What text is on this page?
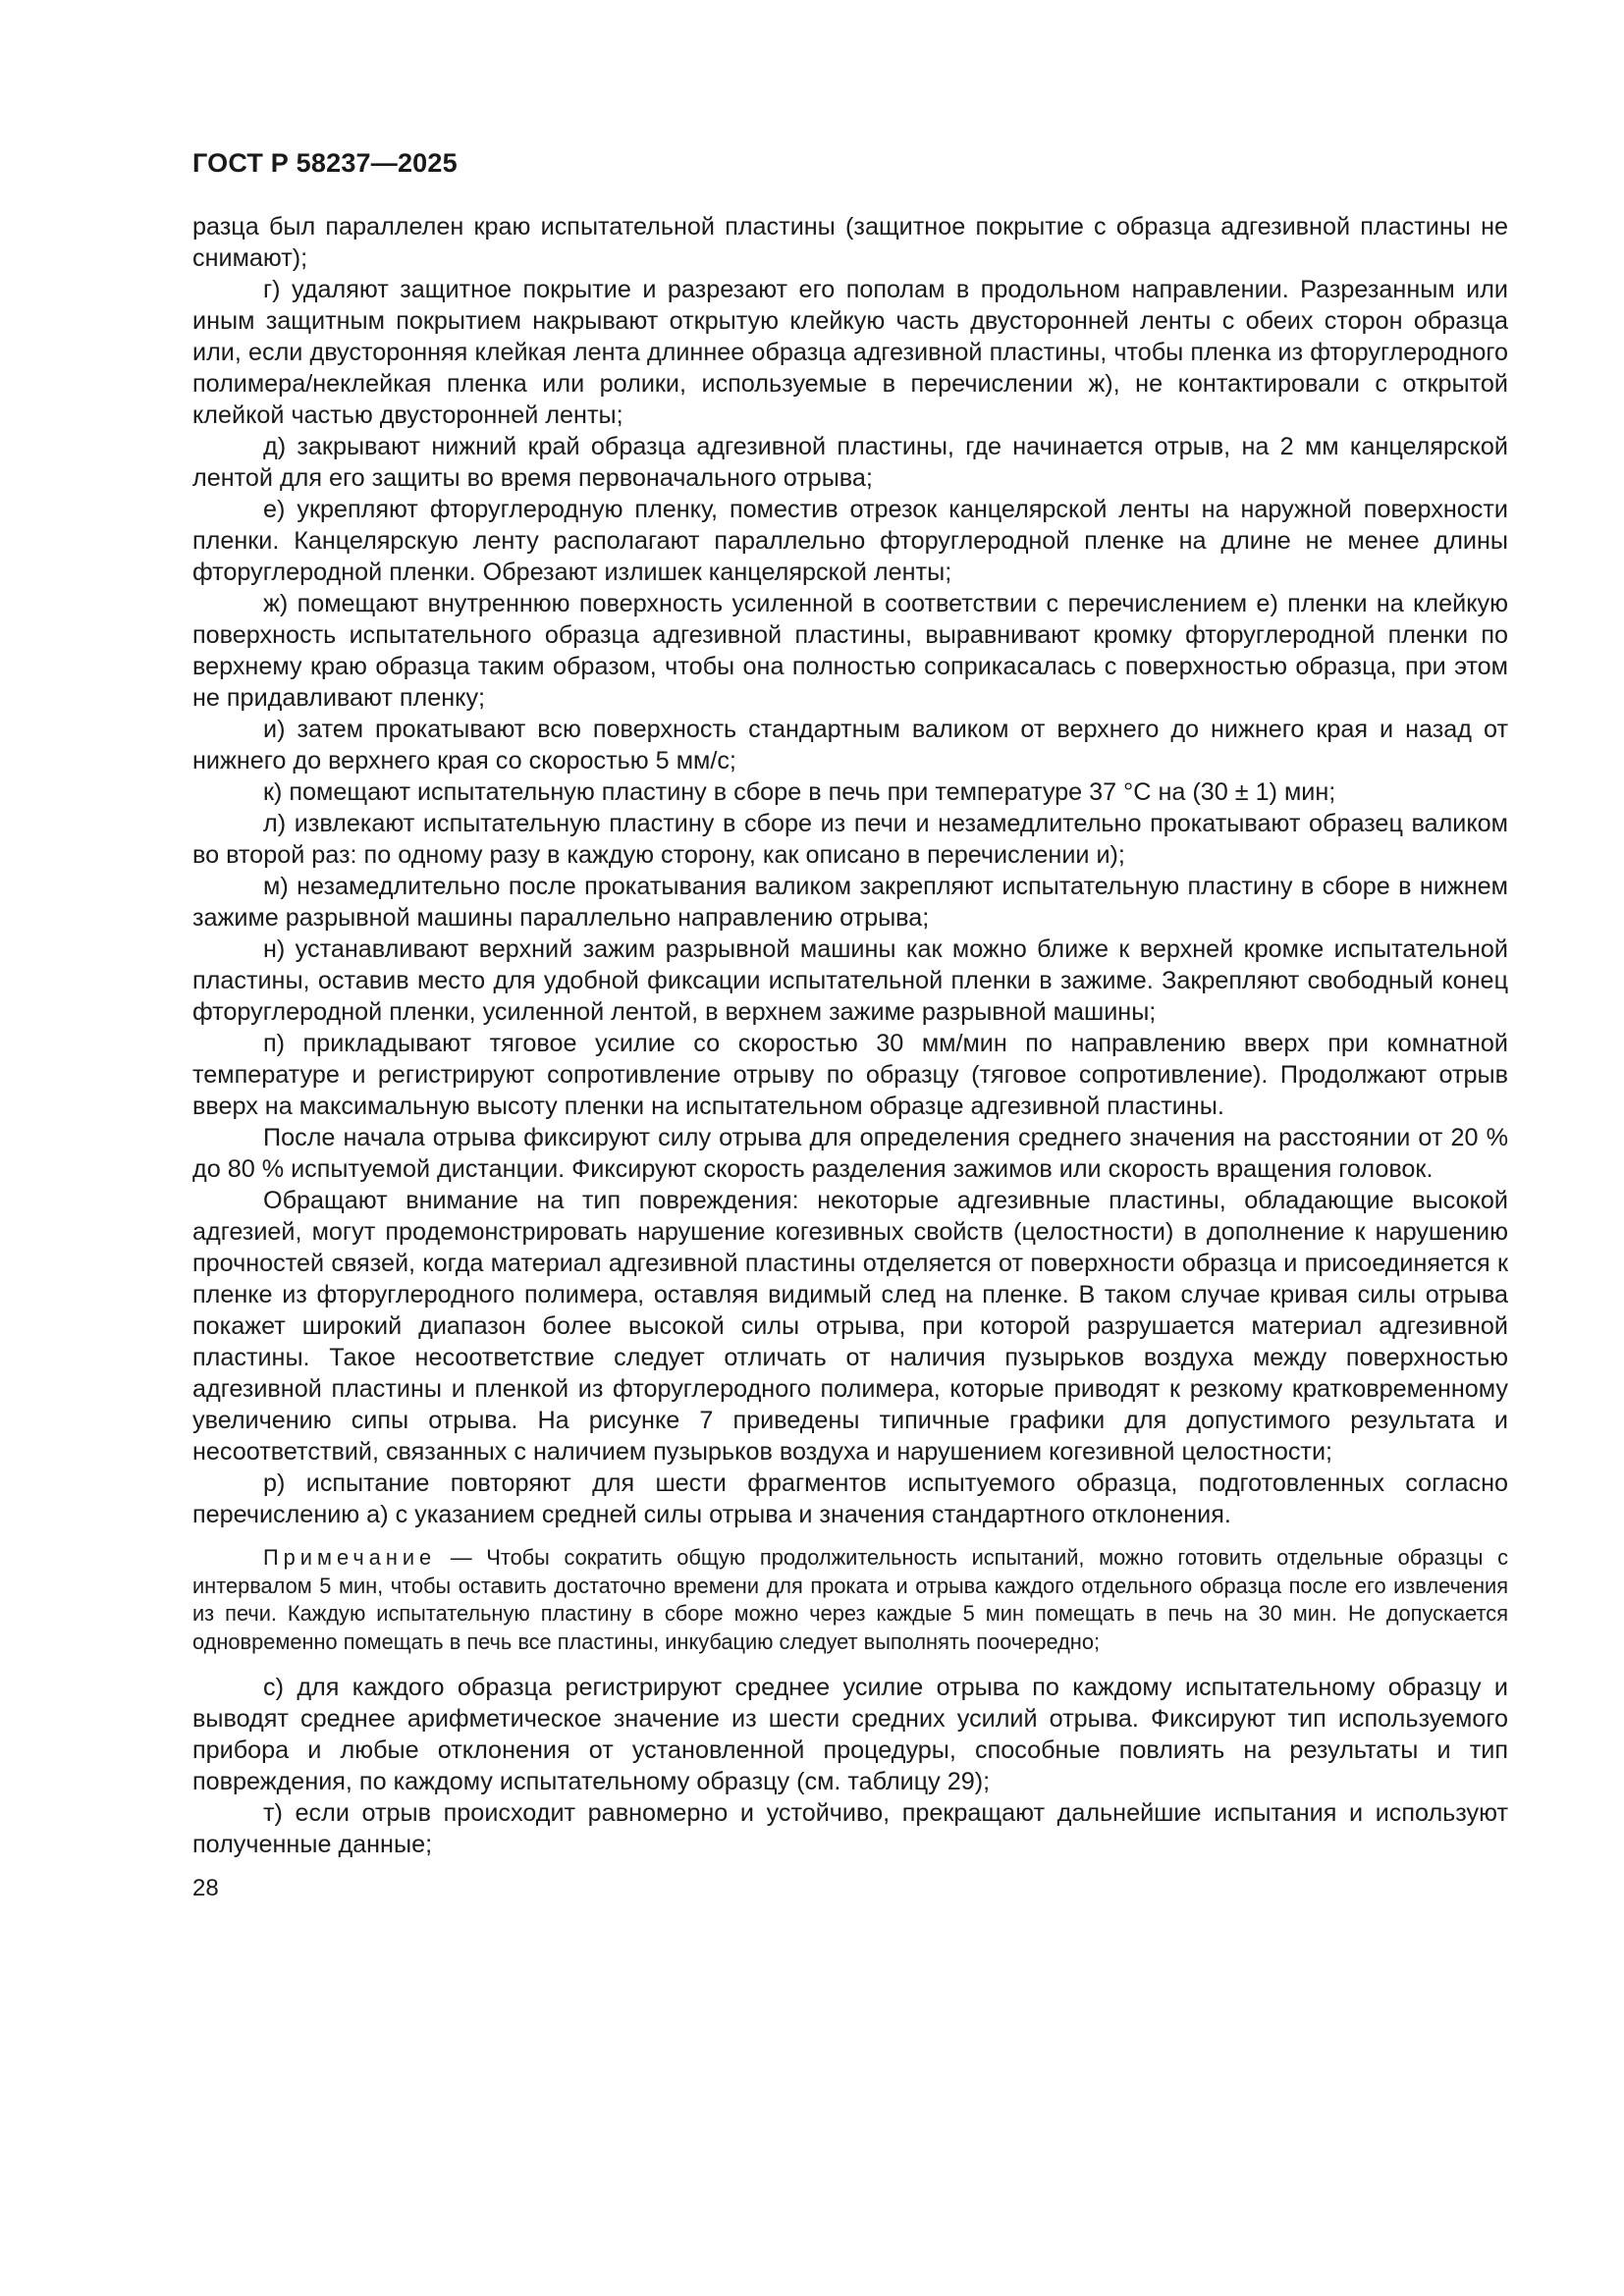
ГОСТ Р 58237—2025

разца был параллелен краю испытательной пластины (защитное покрытие с образца адгезивной пластины не снимают);

г) удаляют защитное покрытие и разрезают его пополам в продольном направлении. Разрезанным или иным защитным покрытием накрывают открытую клейкую часть двусторонней ленты с обеих сторон образца или, если двусторонняя клейкая лента длиннее образца адгезивной пластины, чтобы пленка из фторуглеродного полимера/неклейкая пленка или ролики, используемые в перечислении ж), не контактировали с открытой клейкой частью двусторонней ленты;

д) закрывают нижний край образца адгезивной пластины, где начинается отрыв, на 2 мм канцелярской лентой для его защиты во время первоначального отрыва;

е) укрепляют фторуглеродную пленку, поместив отрезок канцелярской ленты на наружной поверхности пленки. Канцелярскую ленту располагают параллельно фторуглеродной пленке на длине не менее длины фторуглеродной пленки. Обрезают излишек канцелярской ленты;

ж) помещают внутреннюю поверхность усиленной в соответствии с перечислением е) пленки на клейкую поверхность испытательного образца адгезивной пластины, выравнивают кромку фторуглеродной пленки по верхнему краю образца таким образом, чтобы она полностью соприкасалась с поверхностью образца, при этом не придавливают пленку;

и) затем прокатывают всю поверхность стандартным валиком от верхнего до нижнего края и назад от нижнего до верхнего края со скоростью 5 мм/с;

к) помещают испытательную пластину в сборе в печь при температуре 37 °С на (30 ± 1) мин;

л) извлекают испытательную пластину в сборе из печи и незамедлительно прокатывают образец валиком во второй раз: по одному разу в каждую сторону, как описано в перечислении и);

м) незамедлительно после прокатывания валиком закрепляют испытательную пластину в сборе в нижнем зажиме разрывной машины параллельно направлению отрыва;

н) устанавливают верхний зажим разрывной машины как можно ближе к верхней кромке испытательной пластины, оставив место для удобной фиксации испытательной пленки в зажиме. Закрепляют свободный конец фторуглеродной пленки, усиленной лентой, в верхнем зажиме разрывной машины;

п) прикладывают тяговое усилие со скоростью 30 мм/мин по направлению вверх при комнатной температуре и регистрируют сопротивление отрыву по образцу (тяговое сопротивление). Продолжают отрыв вверх на максимальную высоту пленки на испытательном образце адгезивной пластины.

После начала отрыва фиксируют силу отрыва для определения среднего значения на расстоянии от 20 % до 80 % испытуемой дистанции. Фиксируют скорость разделения зажимов или скорость вращения головок.

Обращают внимание на тип повреждения: некоторые адгезивные пластины, обладающие высокой адгезией, могут продемонстрировать нарушение когезивных свойств (целостности) в дополнение к нарушению прочностей связей, когда материал адгезивной пластины отделяется от поверхности образца и присоединяется к пленке из фторуглеродного полимера, оставляя видимый след на пленке. В таком случае кривая силы отрыва покажет широкий диапазон более высокой силы отрыва, при которой разрушается материал адгезивной пластины. Такое несоответствие следует отличать от наличия пузырьков воздуха между поверхностью адгезивной пластины и пленкой из фторуглеродного полимера, которые приводят к резкому кратковременному увеличению сипы отрыва. На рисунке 7 приведены типичные графики для допустимого результата и несоответствий, связанных с наличием пузырьков воздуха и нарушением когезивной целостности;

р) испытание повторяют для шести фрагментов испытуемого образца, подготовленных согласно перечислению а) с указанием средней силы отрыва и значения стандартного отклонения.

Примечание — Чтобы сократить общую продолжительность испытаний, можно готовить отдельные образцы с интервалом 5 мин, чтобы оставить достаточно времени для проката и отрыва каждого отдельного образца после его извлечения из печи. Каждую испытательную пластину в сборе можно через каждые 5 мин помещать в печь на 30 мин. Не допускается одновременно помещать в печь все пластины, инкубацию следует выполнять поочередно;

с) для каждого образца регистрируют среднее усилие отрыва по каждому испытательному образцу и выводят среднее арифметическое значение из шести средних усилий отрыва. Фиксируют тип используемого прибора и любые отклонения от установленной процедуры, способные повлиять на результаты и тип повреждения, по каждому испытательному образцу (см. таблицу 29);

т) если отрыв происходит равномерно и устойчиво, прекращают дальнейшие испытания и используют полученные данные;

28
